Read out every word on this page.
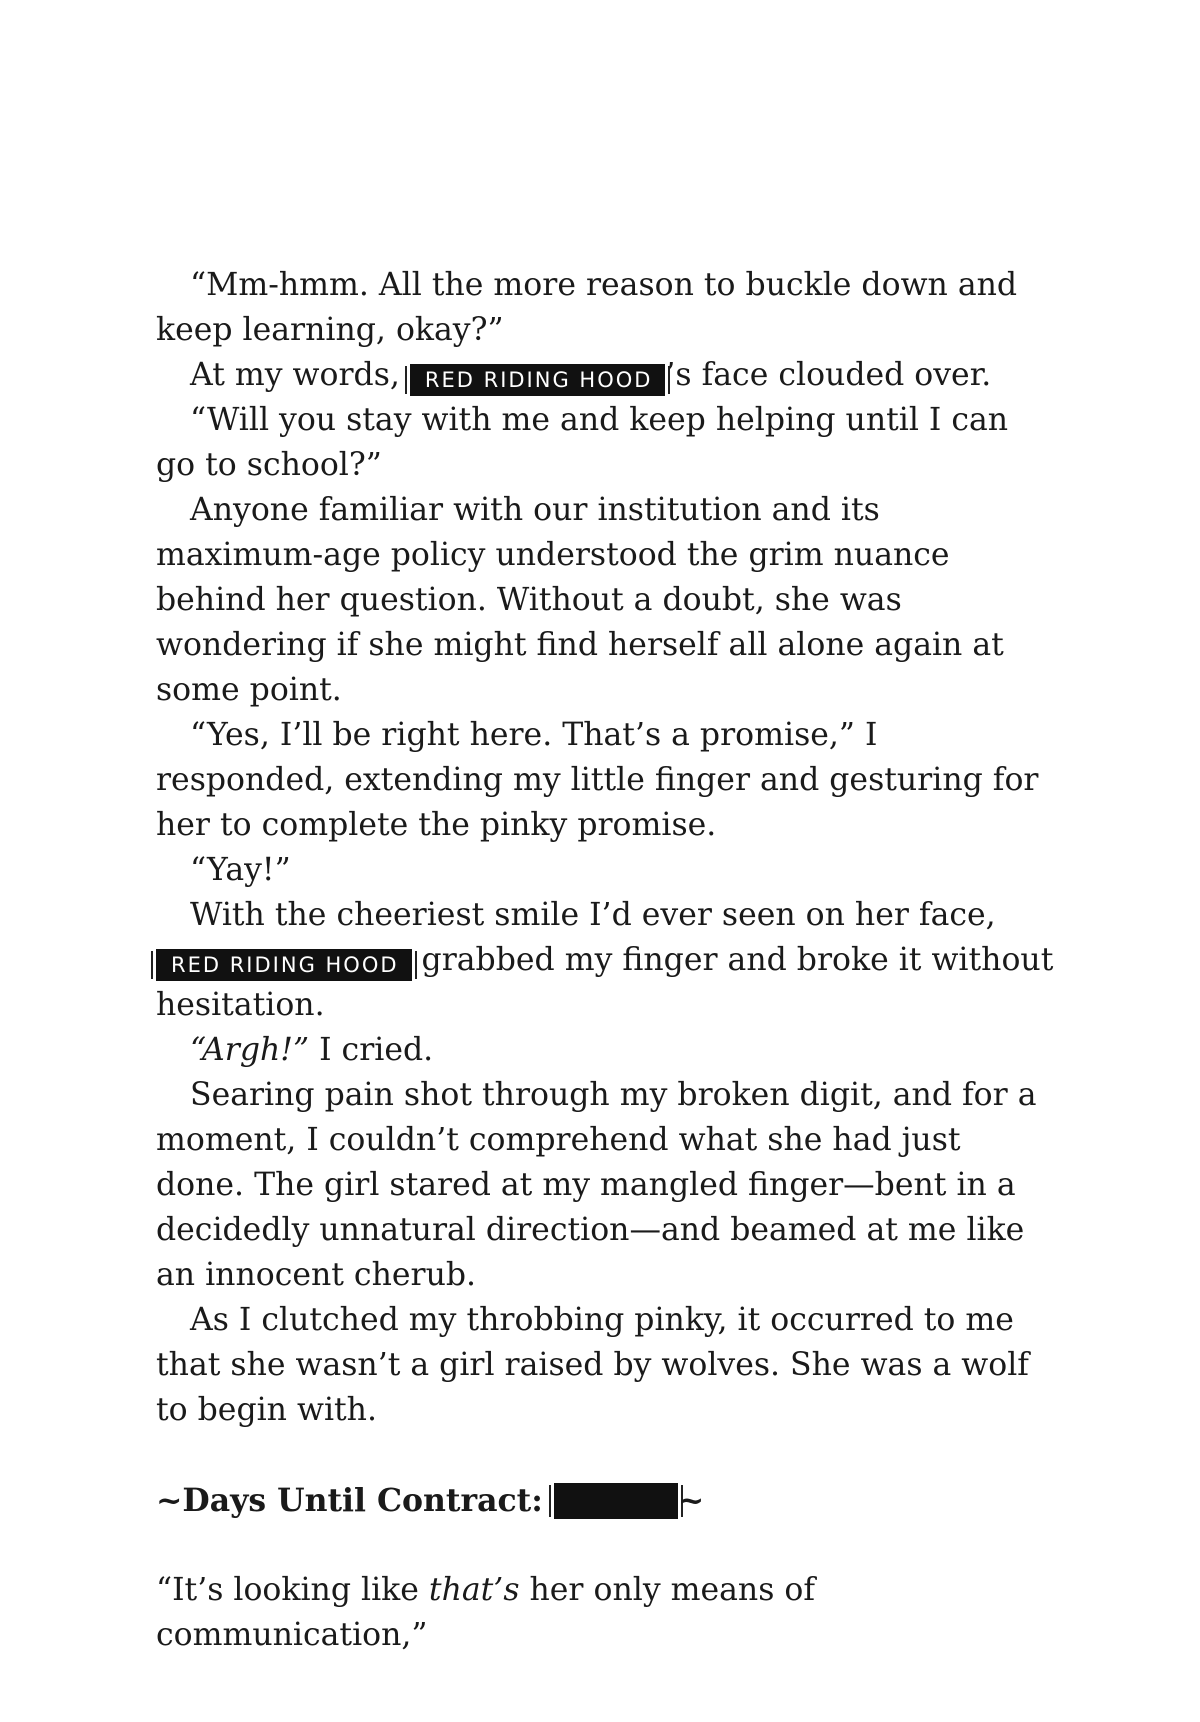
“Mm-hmm. All the more reason to buckle down and keep learning, okay?”

At my words, RED RIDING HOOD ’s face clouded over.

“Will you stay with me and keep helping until I can go to school?”

Anyone familiar with our institution and its maximum-age policy understood the grim nuance behind her question. Without a doubt, she was wondering if she might find herself all alone again at some point.

“Yes, I’ll be right here. That’s a promise,” I responded, extending my little finger and gesturing for her to complete the pinky promise.

“Yay!”

With the cheeriest smile I’d ever seen on her face, RED RIDING HOOD grabbed my finger and broke it without hesitation.

“Argh!” I cried.

Searing pain shot through my broken digit, and for a moment, I couldn’t comprehend what she had just done. The girl stared at my mangled finger—bent in a decidedly unnatural direction—and beamed at me like an innocent cherub.

As I clutched my throbbing pinky, it occurred to me that she wasn’t a girl raised by wolves. She was a wolf to begin with.

~Days Until Contract:	~

“It’s looking like that’s her only means of communication,”
